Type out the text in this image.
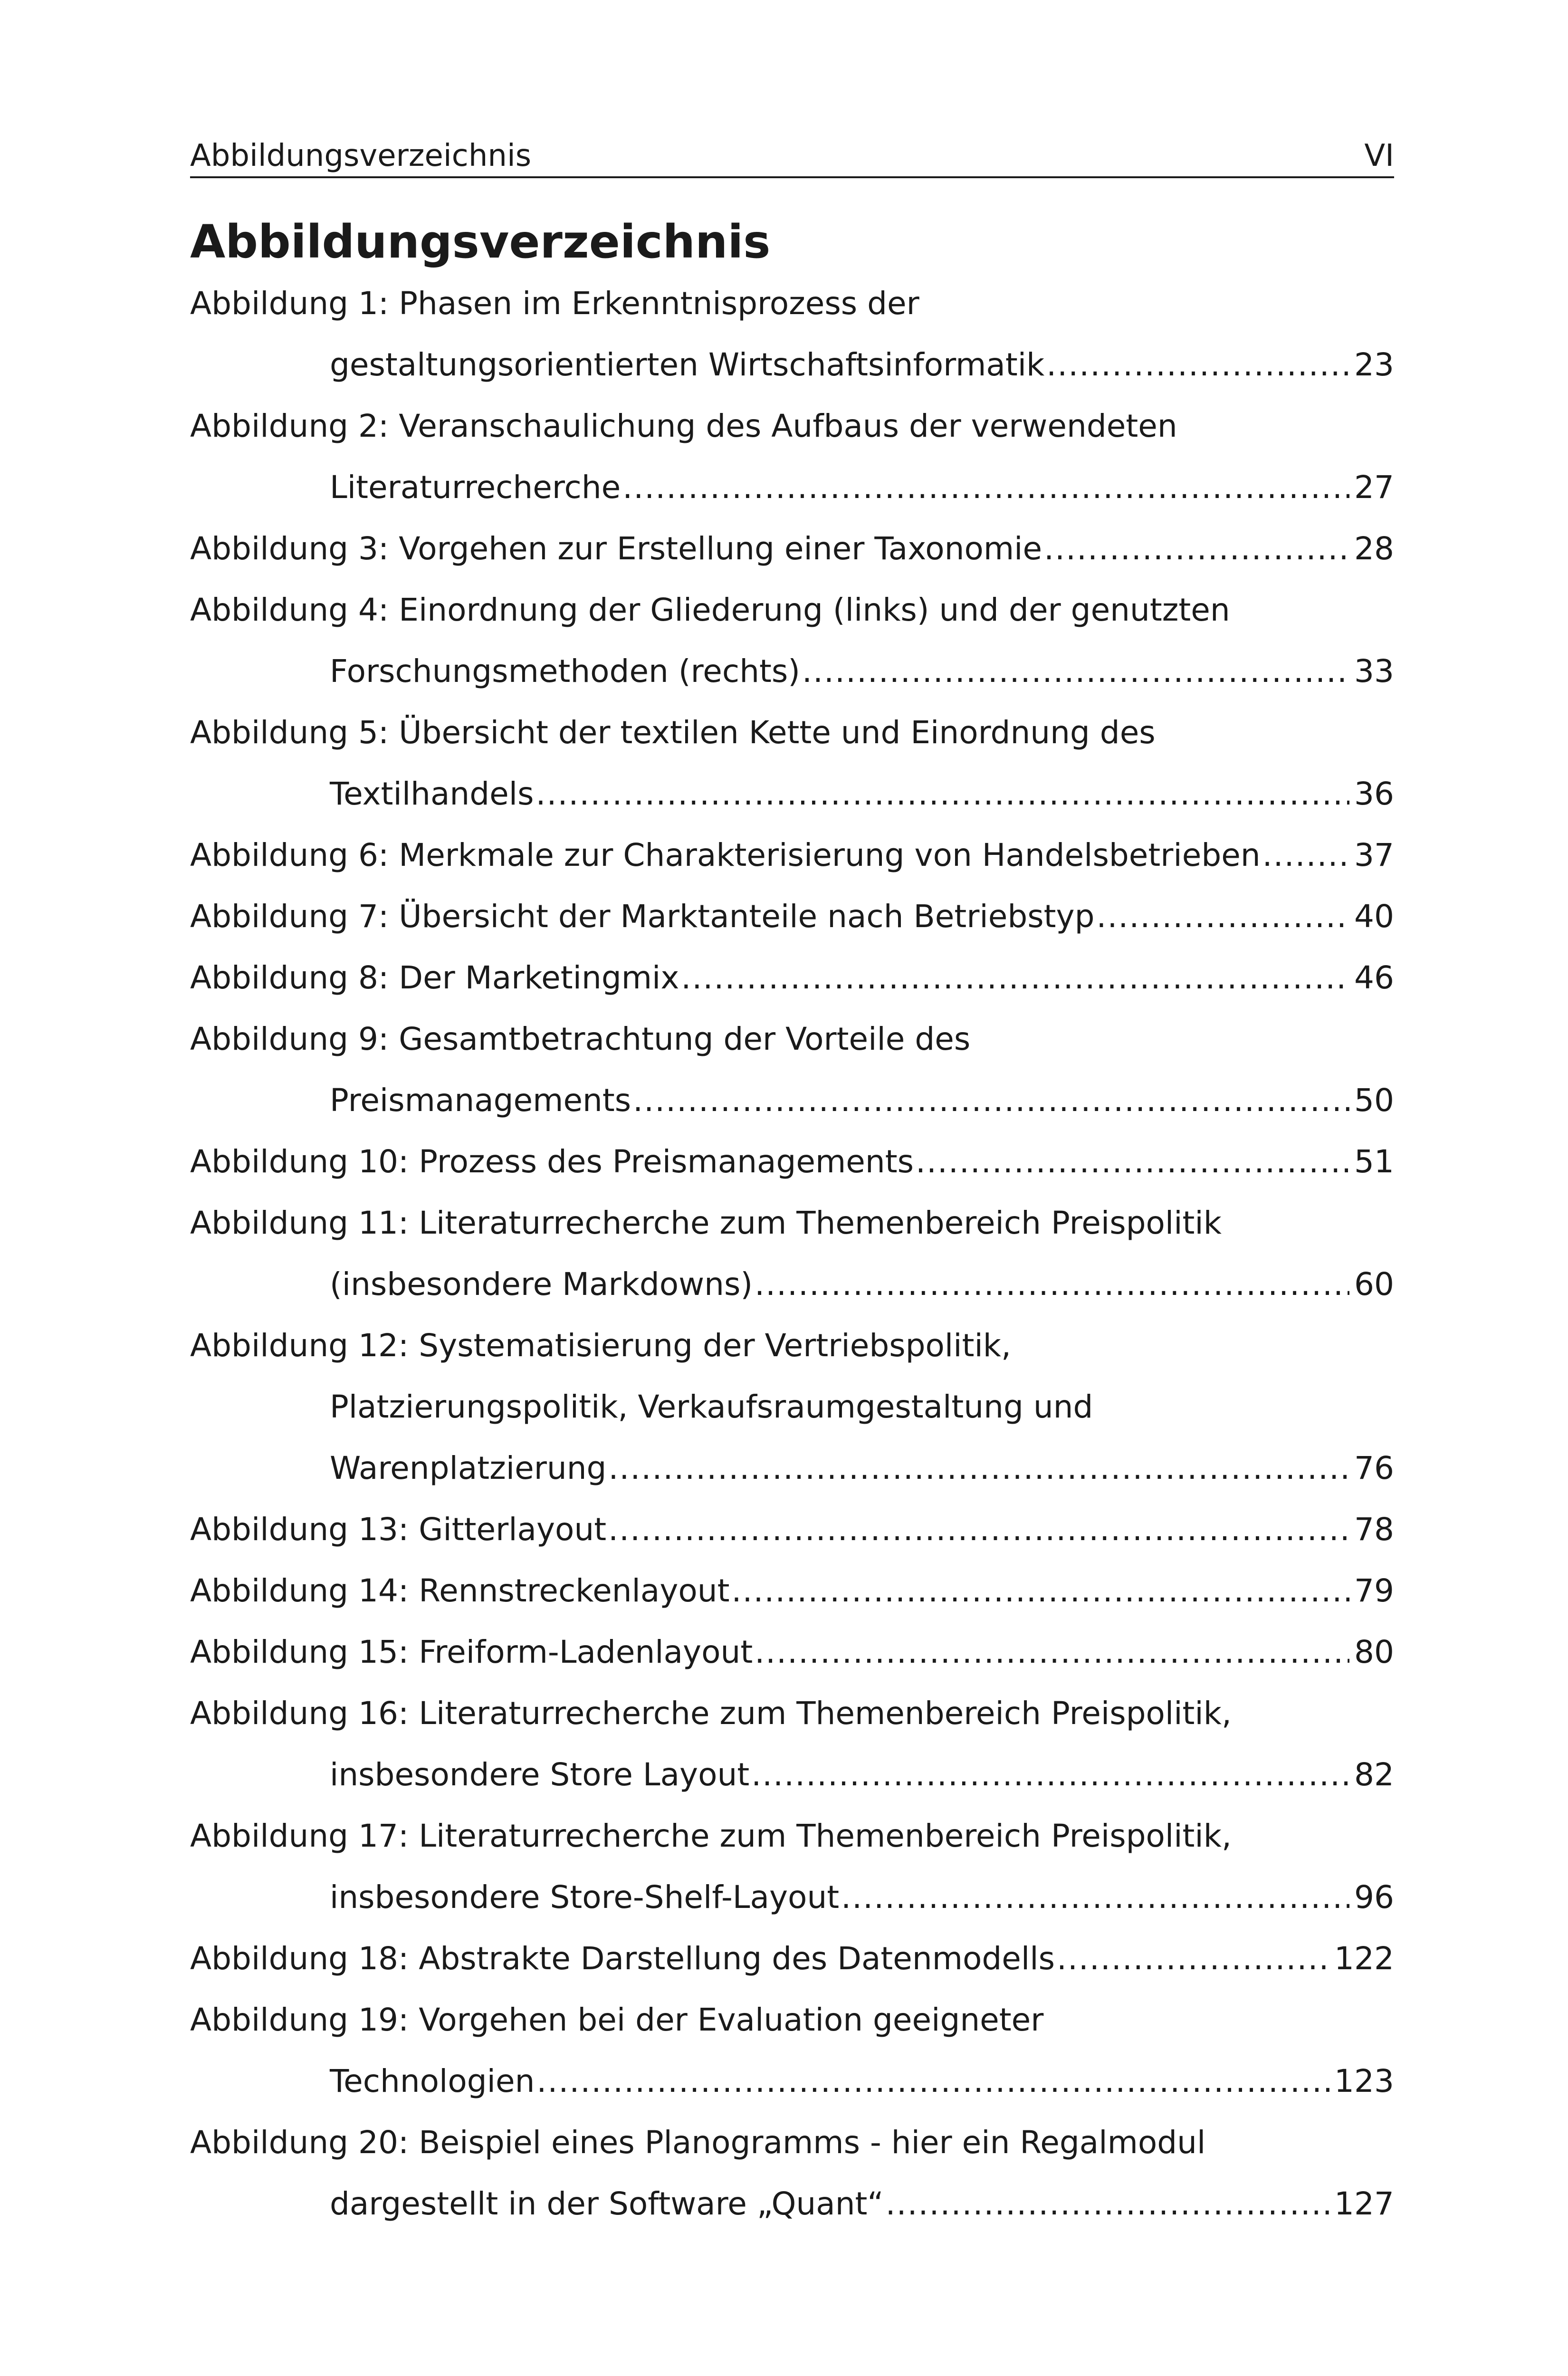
Abbildungsverzeichnis	VI
Abbildungsverzeichnis
Abbildung 1: Phasen im Erkenntnisprozess der
gestaltungsorientierten Wirtschaftsinformatik .....	23
Abbildung 2: Veranschaulichung des Aufbaus der verwendeten
Literaturrecherche .....	27
Abbildung 3: Vorgehen zur Erstellung einer Taxonomie .....	28
Abbildung 4: Einordnung der Gliederung (links) und der genutzten
Forschungsmethoden (rechts) .....	33
Abbildung 5: Übersicht der textilen Kette und Einordnung des
Textilhandels .....	36
Abbildung 6: Merkmale zur Charakterisierung von Handelsbetrieben .....	37
Abbildung 7: Übersicht der Marktanteile nach Betriebstyp .....	40
Abbildung 8: Der Marketingmix .....	46
Abbildung 9: Gesamtbetrachtung der Vorteile des
Preismanagements .....	50
Abbildung 10: Prozess des Preismanagements .....	51
Abbildung 11: Literaturrecherche zum Themenbereich Preispolitik
(insbesondere Markdowns) .....	60
Abbildung 12: Systematisierung der Vertriebspolitik,
Platzierungspolitik, Verkaufsraumgestaltung und
Warenplatzierung .....	76
Abbildung 13: Gitterlayout .....	78
Abbildung 14: Rennstreckenlayout .....	79
Abbildung 15: Freiform-Ladenlayout .....	80
Abbildung 16: Literaturrecherche zum Themenbereich Preispolitik,
insbesondere Store Layout .....	82
Abbildung 17: Literaturrecherche zum Themenbereich Preispolitik,
insbesondere Store-Shelf-Layout .....	96
Abbildung 18: Abstrakte Darstellung des Datenmodells .....	122
Abbildung 19: Vorgehen bei der Evaluation geeigneter
Technologien .....	123
Abbildung 20: Beispiel eines Planogramms - hier ein Regalmodul
dargestellt in der Software „Quant“ .....	127
